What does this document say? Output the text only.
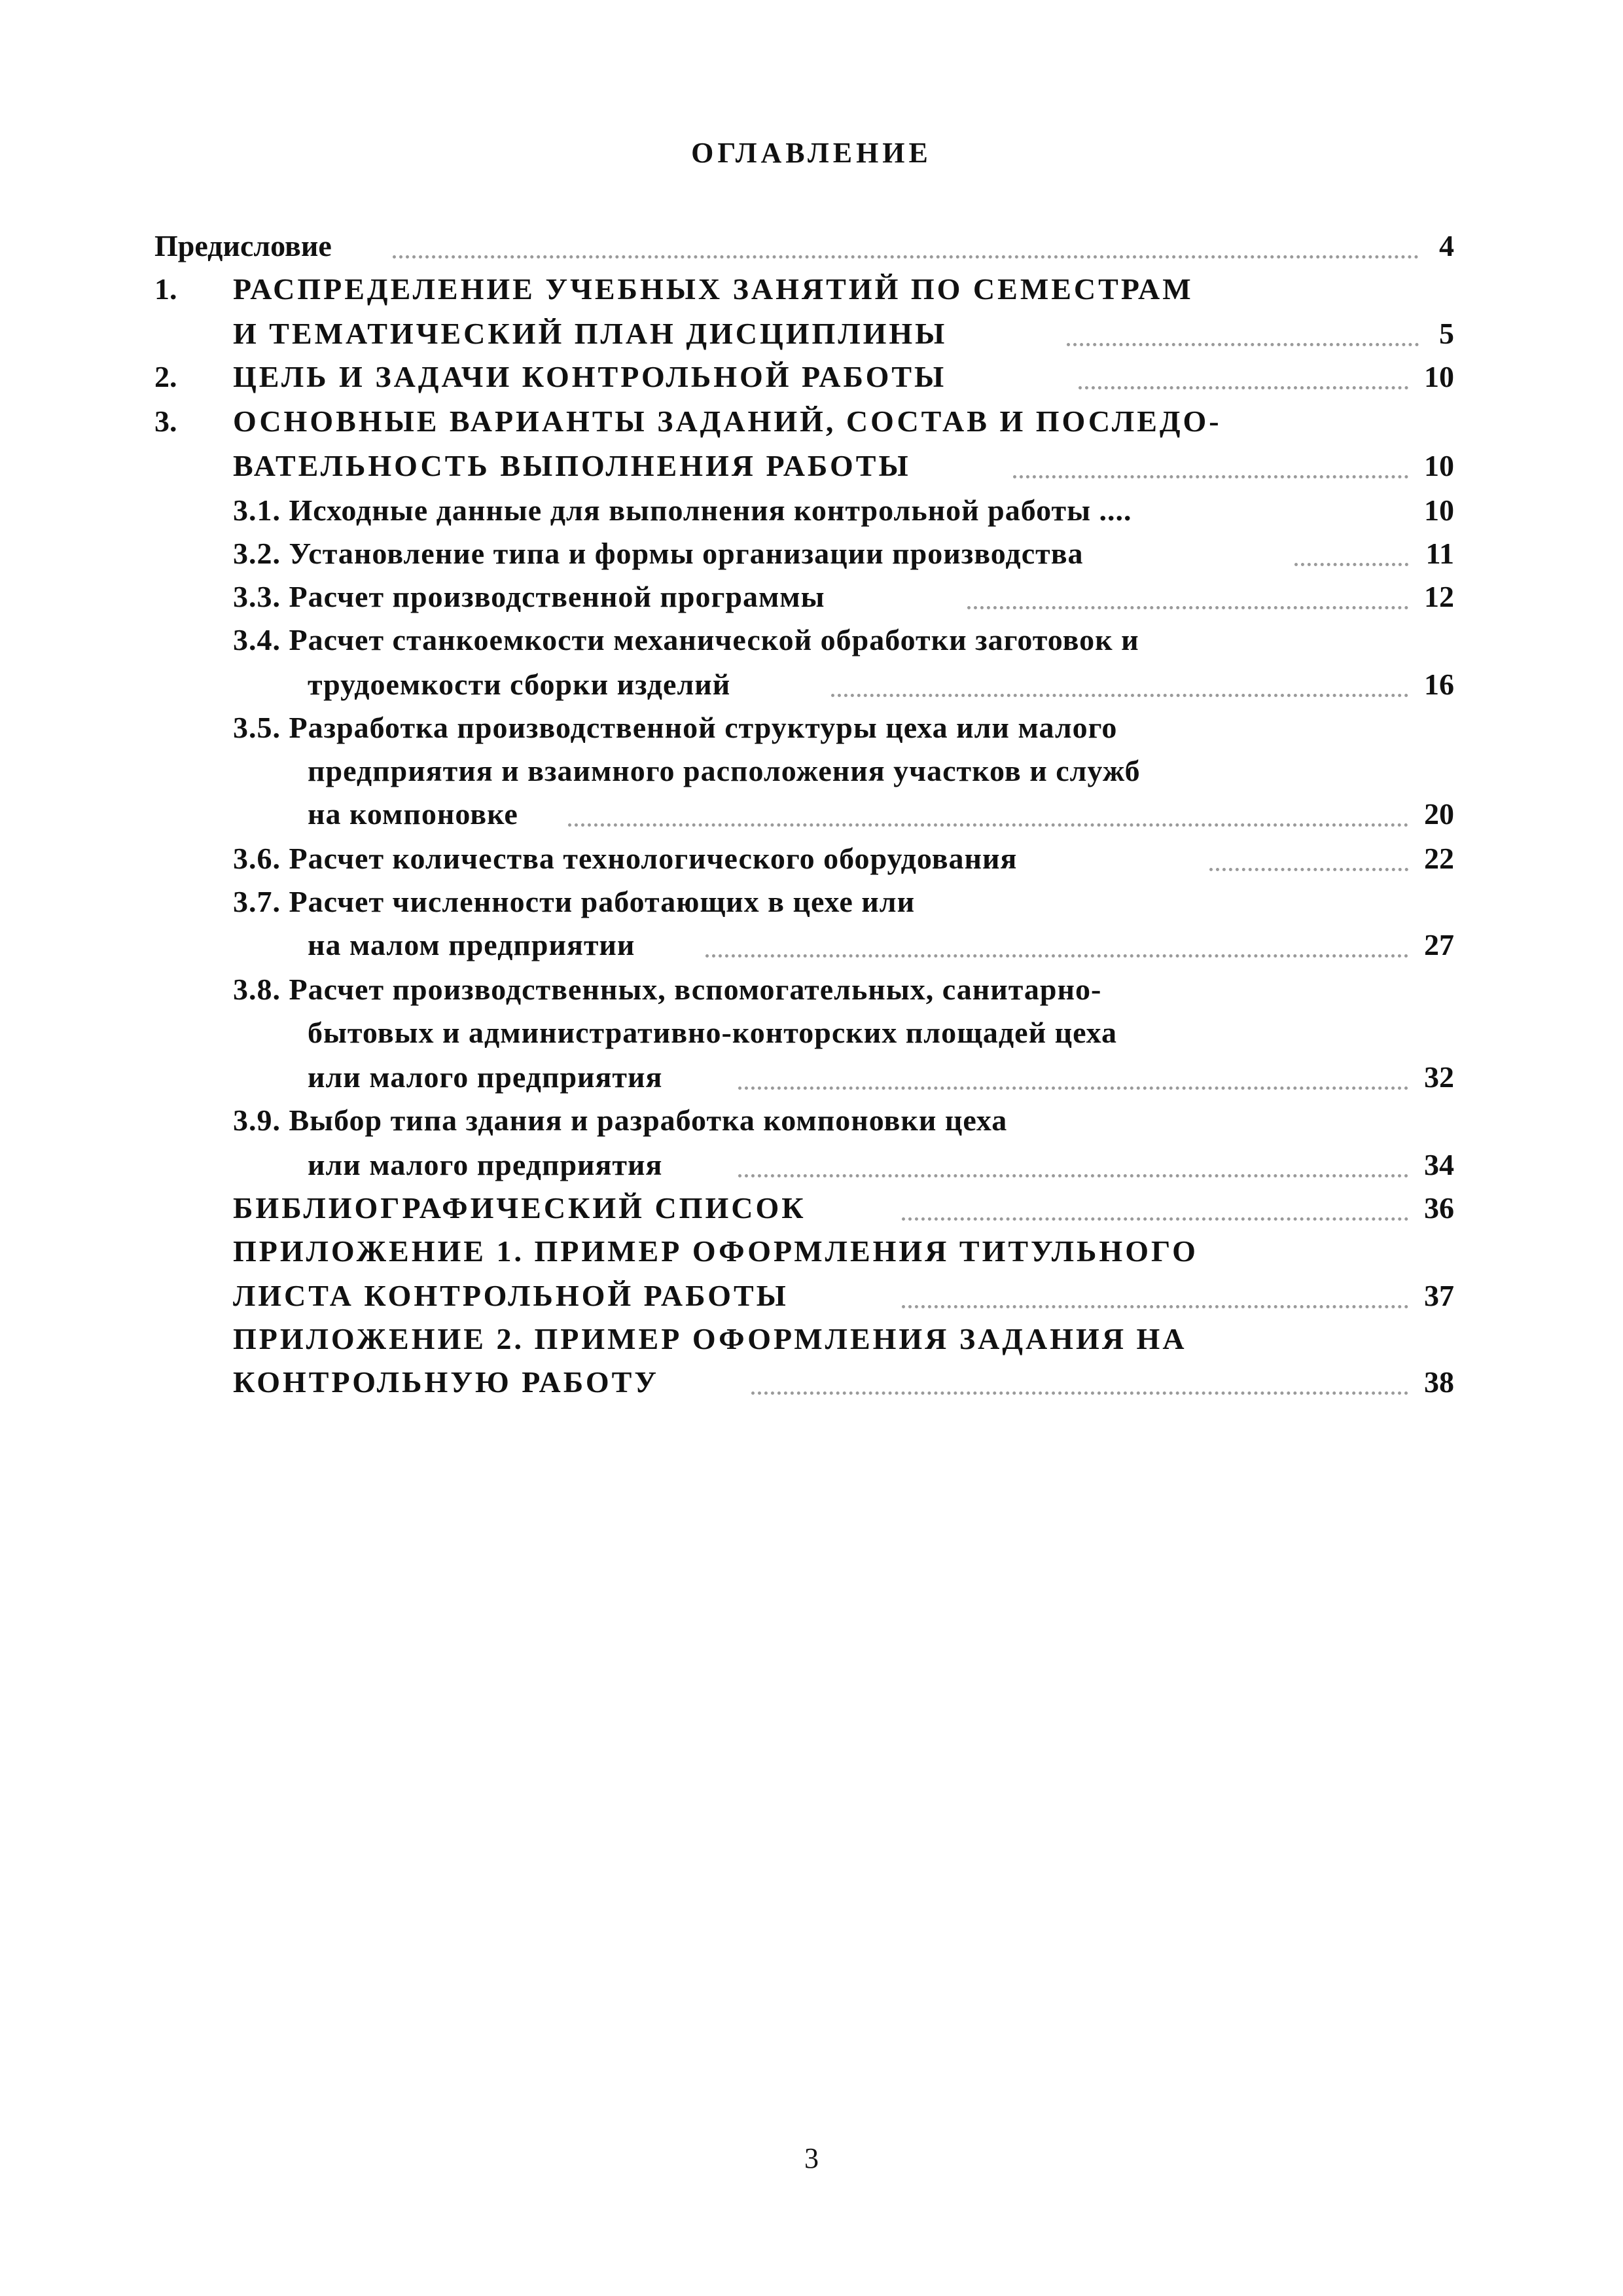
ОГЛАВЛЕНИЕ
Предисловие	4
1. РАСПРЕДЕЛЕНИЕ УЧЕБНЫХ ЗАНЯТИЙ ПО СЕМЕСТРАМ
И ТЕМАТИЧЕСКИЙ ПЛАН ДИСЦИПЛИНЫ	5
2. ЦЕЛЬ И ЗАДАЧИ КОНТРОЛЬНОЙ РАБОТЫ	10
3. ОСНОВНЫЕ ВАРИАНТЫ ЗАДАНИЙ, СОСТАВ И ПОСЛЕДО-
ВАТЕЛЬНОСТЬ ВЫПОЛНЕНИЯ РАБОТЫ	10
3.1. Исходные данные для выполнения контрольной работы ....	10
3.2. Установление типа и формы организации производства	11
3.3. Расчет производственной программы	12
3.4. Расчет станкоемкости механической обработки заготовок и
трудоемкости сборки изделий	16
3.5. Разработка производственной структуры цеха или малого
предприятия и взаимного расположения участков и служб
на компоновке	20
3.6. Расчет количества технологического оборудования	22
3.7. Расчет численности работающих в цехе или
на малом предприятии	27
3.8. Расчет производственных, вспомогательных, санитарно-
бытовых и административно-конторских площадей цеха
или малого предприятия	32
3.9. Выбор типа здания и разработка компоновки цеха
или малого предприятия	34
БИБЛИОГРАФИЧЕСКИЙ СПИСОК	36
ПРИЛОЖЕНИЕ 1. ПРИМЕР ОФОРМЛЕНИЯ ТИТУЛЬНОГО
ЛИСТА КОНТРОЛЬНОЙ РАБОТЫ	37
ПРИЛОЖЕНИЕ 2. ПРИМЕР ОФОРМЛЕНИЯ ЗАДАНИЯ НА
КОНТРОЛЬНУЮ РАБОТУ	38
3
